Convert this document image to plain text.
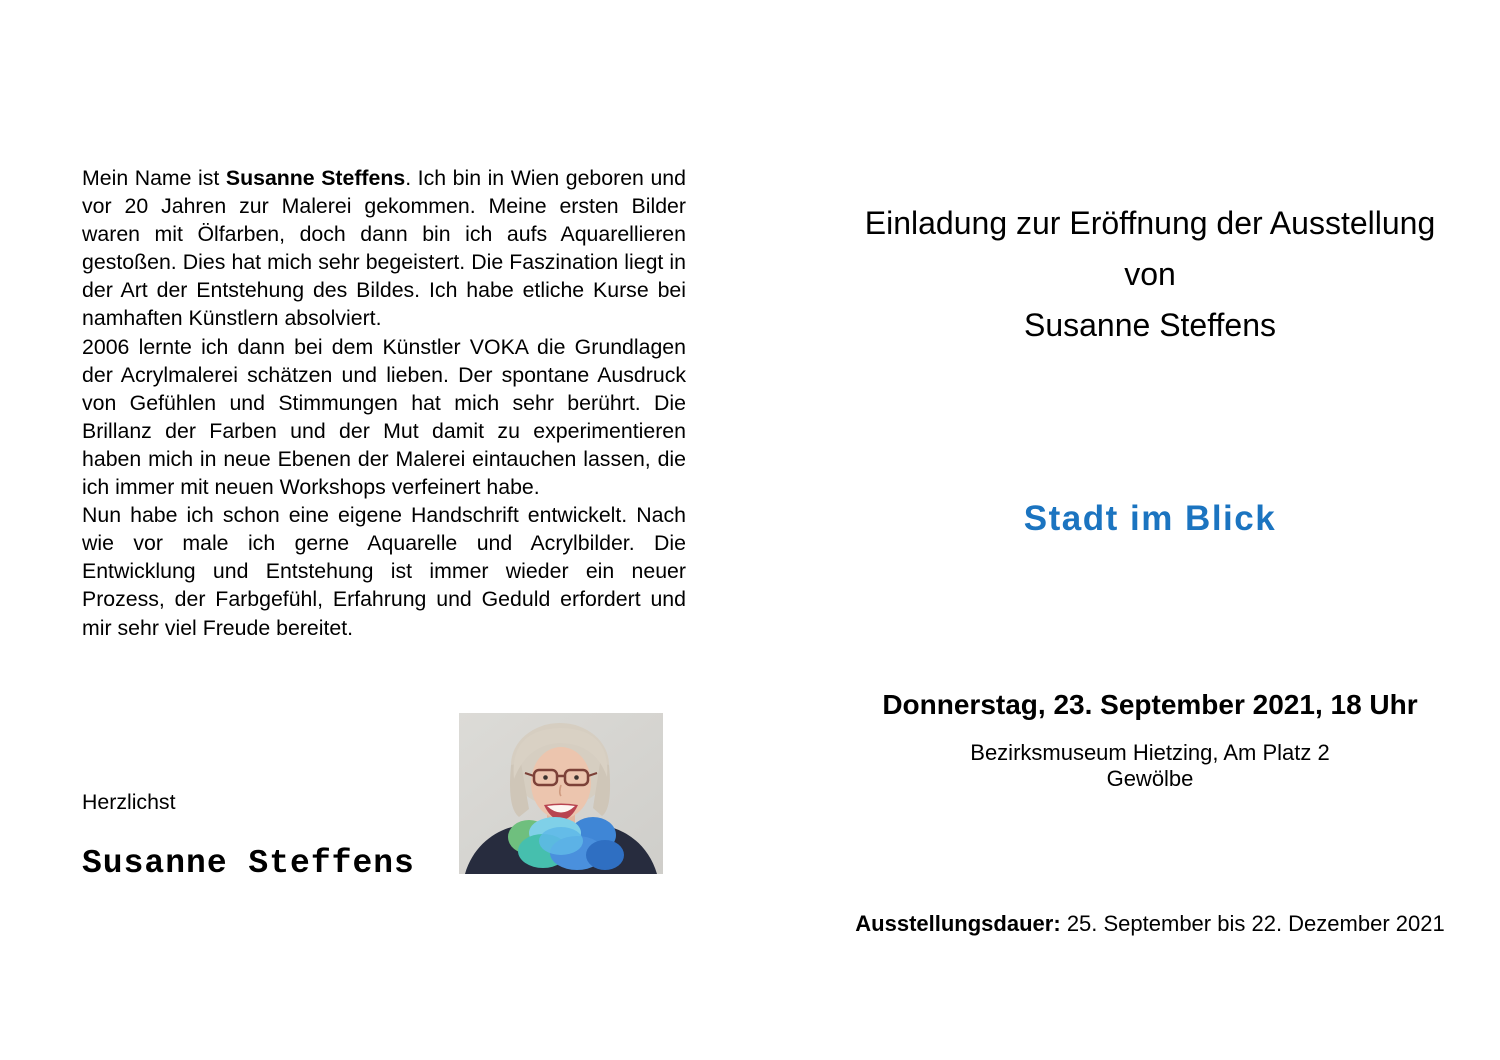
Mein Name ist Susanne Steffens. Ich bin in Wien geboren und
vor 20 Jahren zur Malerei gekommen. Meine ersten Bilder
waren mit Ölfarben, doch dann bin ich aufs Aquarellieren
gestoßen. Dies hat mich sehr begeistert. Die Faszination liegt in
der Art der Entstehung des Bildes. Ich habe etliche Kurse bei
namhaften Künstlern absolviert.
2006 lernte ich dann bei dem Künstler VOKA die Grundlagen
der Acrylmalerei schätzen und lieben. Der spontane Ausdruck
von Gefühlen und Stimmungen hat mich sehr berührt. Die
Brillanz der Farben und der Mut damit zu experimentieren
haben mich in neue Ebenen der Malerei eintauchen lassen, die
ich immer mit neuen Workshops verfeinert habe.
Nun habe ich schon eine eigene Handschrift entwickelt. Nach
wie vor male ich gerne Aquarelle und Acrylbilder. Die
Entwicklung und Entstehung ist immer wieder ein neuer
Prozess, der Farbgefühl, Erfahrung und Geduld erfordert und
mir sehr viel Freude bereitet.
Herzlichst
Susanne Steffens
Einladung zur Eröffnung der Ausstellung
von
Susanne Steffens
Stadt im Blick
Donnerstag, 23. September 2021, 18 Uhr
Bezirksmuseum Hietzing, Am Platz 2
Gewölbe
Ausstellungsdauer: 25. September bis 22. Dezember 2021
